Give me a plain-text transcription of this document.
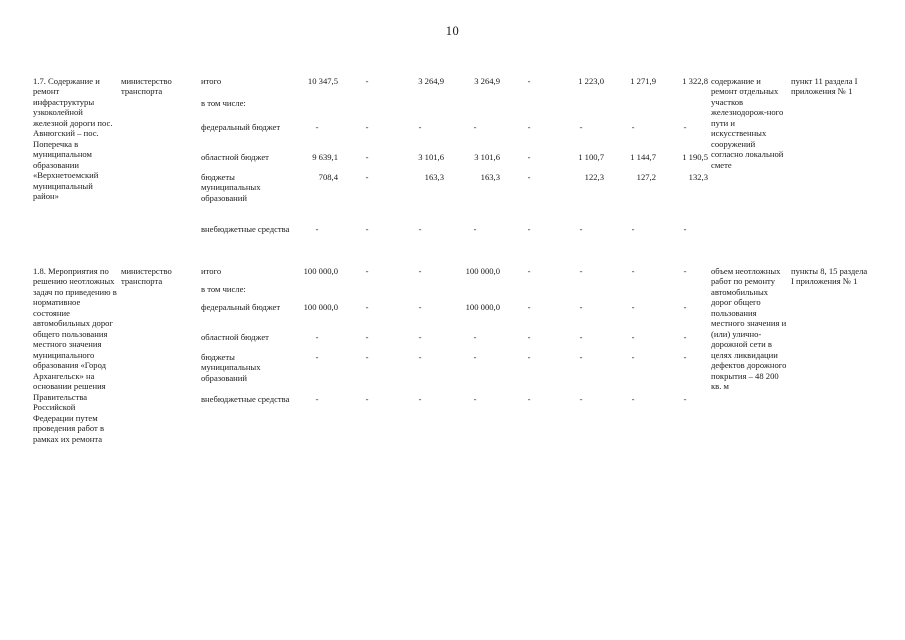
10
1.7. Содержание и ремонт инфраструктуры узкоколейной железной дороги пос. Авнюгский – пос. Поперечка в муниципальном образовании «Верхнетоемский муниципальный район»	министерство транспорта	итого	10 347,5	-	3 264,9	3 264,9	-	1 223,0	1 271,9	1 322,8	содержание и ремонт отдельных участков железнодорож-ного пути и искусственных сооружений согласно локальной смете	пункт 11 раздела I приложения № 1
		в том числе:										
		федеральный бюджет	-	-	-	-	-	-	-	-		
		областной бюджет	9 639,1	-	3 101,6	3 101,6	-	1 100,7	1 144,7	1 190,5		
		бюджеты муниципальных образований	708,4	-	163,3	163,3	-	122,3	127,2	132,3		
		внебюджетные средства	-	-	-	-	-	-	-	-		

1.8. Мероприятия по решению неотложных задач по приведению в нормативное состояние автомобильных дорог общего пользования местного значения муниципального образования «Город Архангельск» на основании решения Правительства Российской Федерации путем проведения работ в рамках их ремонта	министерство транспорта	итого	100 000,0	-	-	100 000,0	-	-	-	-	объем неотложных работ по ремонту автомобильных дорог общего пользования местного значения и (или) улично-дорожной сети в целях ликвидации дефектов дорожного покрытия – 48 200 кв. м	пункты 8, 15 раздела I приложения № 1
		в том числе:										
		федеральный бюджет	100 000,0	-	-	100 000,0	-	-	-	-		
		областной бюджет	-	-	-	-	-	-	-	-		
		бюджеты муниципальных образований	-	-	-	-	-	-	-	-		
		внебюджетные средства	-	-	-	-	-	-	-	-		
